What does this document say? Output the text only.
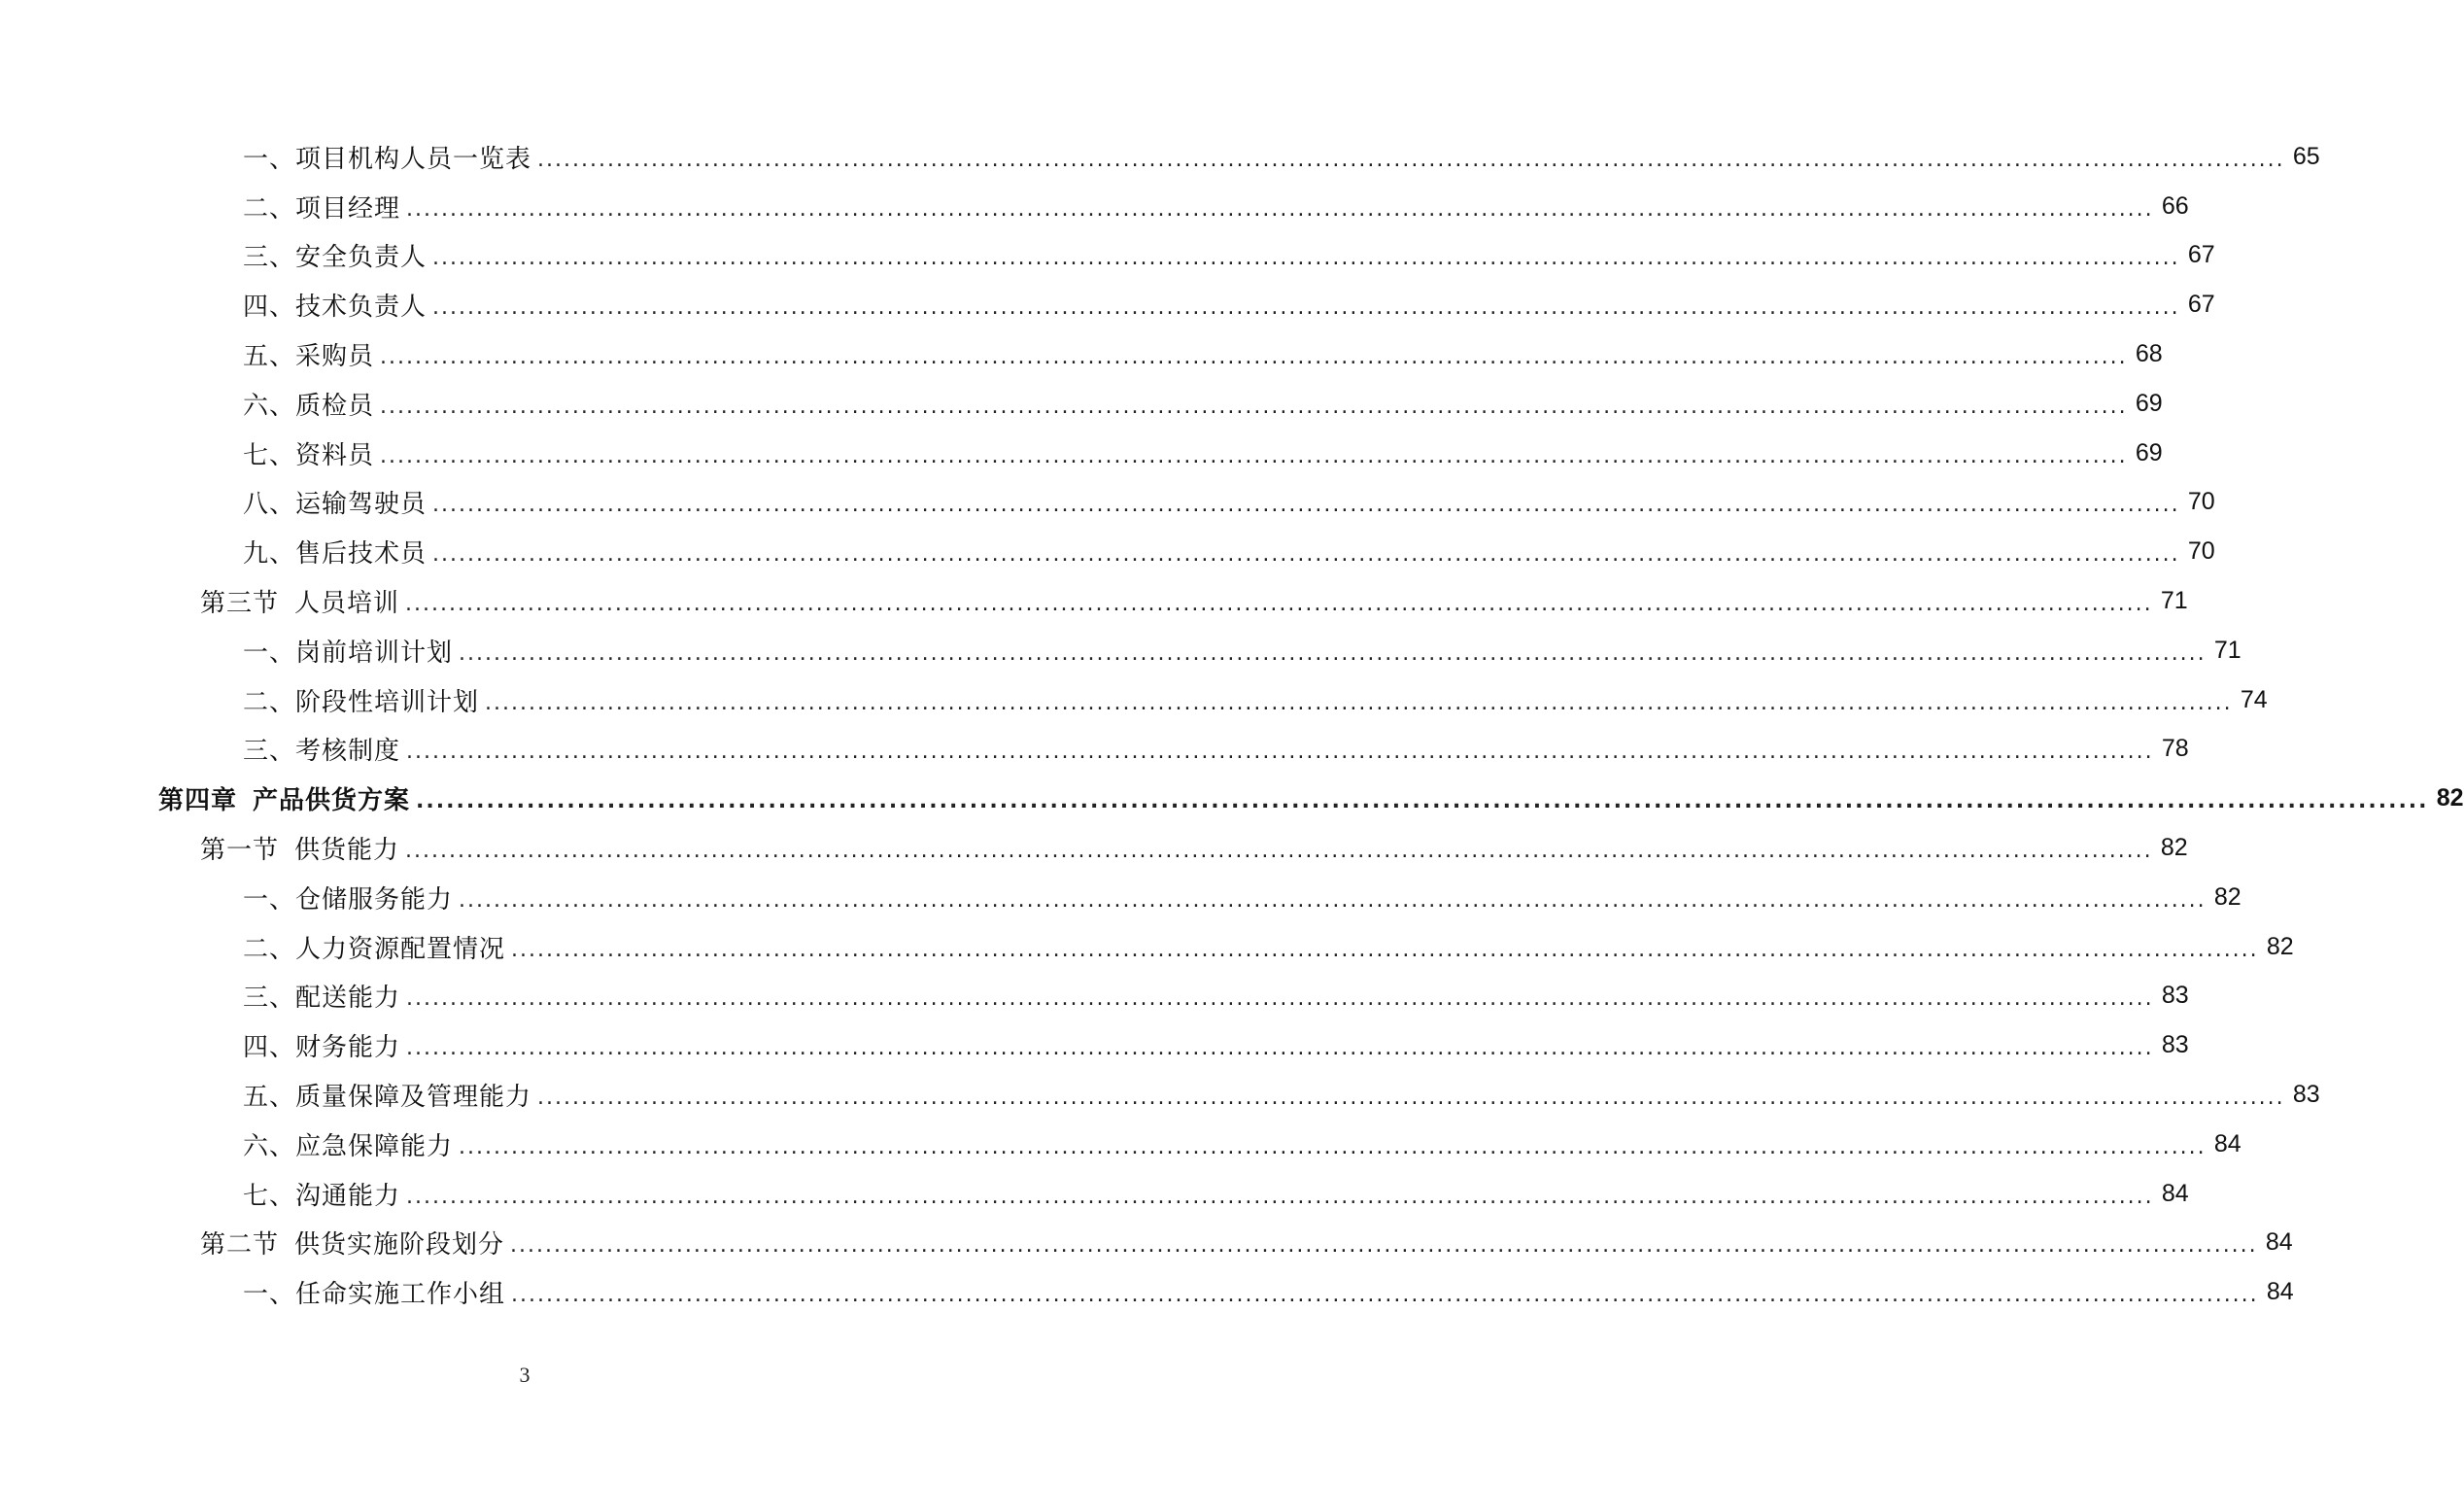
一、 项目机构人员一览表 ........................................................................................................................................................................................................ 65
二、 项目经理 ........................................................................................................................................................................................................ 66
三、 安全负责人 ........................................................................................................................................................................................................ 67
四、 技术负责人 ........................................................................................................................................................................................................ 67
五、 采购员 ........................................................................................................................................................................................................ 68
六、 质检员 ........................................................................................................................................................................................................ 69
七、 资料员 ........................................................................................................................................................................................................ 69
八、 运输驾驶员 ........................................................................................................................................................................................................ 70
九、 售后技术员 ........................................................................................................................................................................................................ 70
第三节 人员培训 ........................................................................................................................................................................................................ 71
一、 岗前培训计划 ........................................................................................................................................................................................................ 71
二、 阶段性培训计划 ........................................................................................................................................................................................................ 74
三、 考核制度 ........................................................................................................................................................................................................ 78
第四章 产品供货方案 ........................................................................................................................................................................................................ 82
第一节 供货能力 ........................................................................................................................................................................................................ 82
一、 仓储服务能力 ........................................................................................................................................................................................................ 82
二、 人力资源配置情况 ........................................................................................................................................................................................................ 82
三、 配送能力 ........................................................................................................................................................................................................ 83
四、 财务能力 ........................................................................................................................................................................................................ 83
五、 质量保障及管理能力 ........................................................................................................................................................................................................ 83
六、 应急保障能力 ........................................................................................................................................................................................................ 84
七、 沟通能力 ........................................................................................................................................................................................................ 84
第二节 供货实施阶段划分 ........................................................................................................................................................................................................ 84
一、 任命实施工作小组 ........................................................................................................................................................................................................ 84
3
